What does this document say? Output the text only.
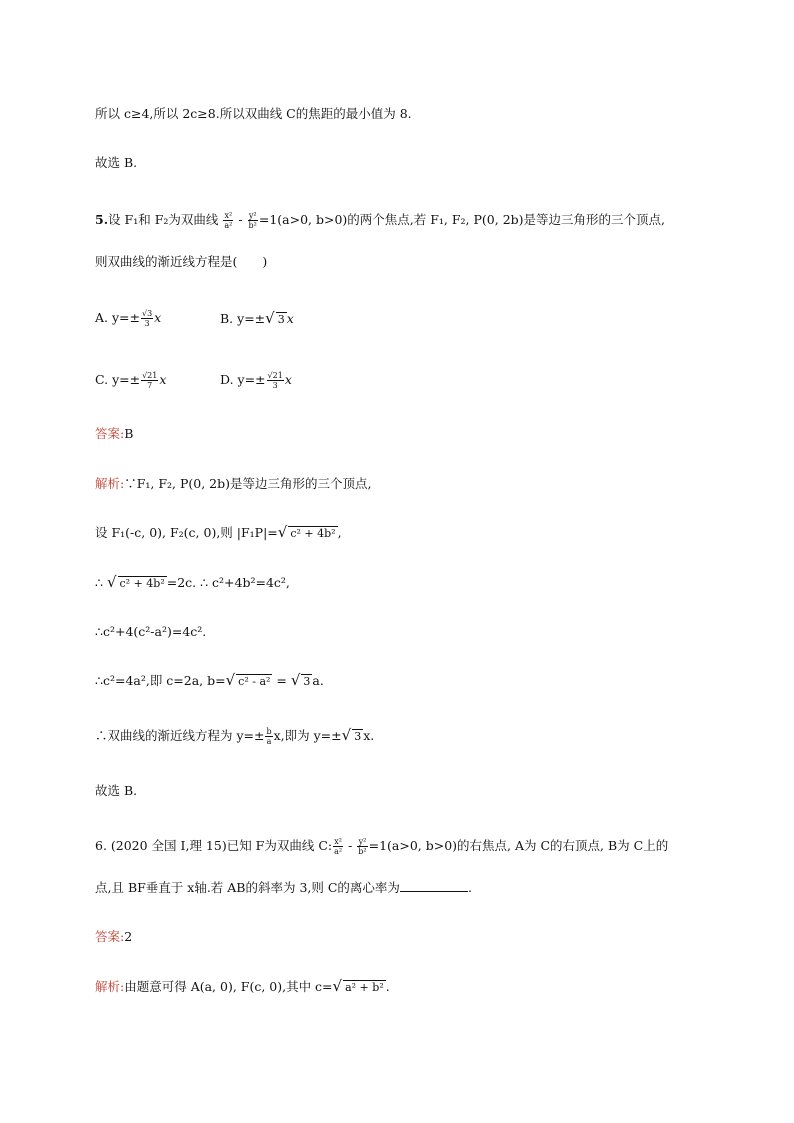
所以 c≥4,所以 2c≥8.所以双曲线 C的焦距的最小值为 8.
故选 B.
5.设 F₁和 F₂为双曲线 $\frac{\text{x²}}{\text{a²}} - \frac{\text{y²}}{\text{b²}} =1(a>0$, b>0)的两个焦点,若 F₁, F₂, P(0, 2b)是等边三角形的三个顶点,
则双曲线的渐近线方程是(　　)
A. $y=\pm \frac{√3}{3}$ x	B. y=±√ 3 x
C. $y=\pm \frac{√21}{7}$ x	D. $y=\pm \frac{√21}{3}$ x
答案:B
解析:∵F₁, F₂, P(0, 2b)是等边三角形的三个顶点,
设 F₁(-c, 0), F₂(c, 0),则 |F₁P|=√ c² + 4b² ,
∴ √ c² + 4b² =2c. ∴ c²+4b²=4c²,
∴c²+4(c²-a²)=4c².
∴c²=4a²,即 c=2a, b=√ c² - a² = √ 3 a.
∴双曲线的渐近线方程为 $y=\pm \frac{b}{a} x$,即为 y=±√ 3 x.
故选 B.
6. (2020 全国 Ⅰ,理 15)已知 F为双曲线 C: $\frac{\text{x²}}{\text{a²}} - \frac{\text{y²}}{\text{b²}} =1(a>0$, b>0)的右焦点, A为 C的右顶点, B为 C上的
点,且 BF垂直于 x轴.若 AB的斜率为 3,则 C的离心率为	.
答案:2
解析:由题意可得 A(a, 0), F(c, 0),其中 c=√ a² + b² .
